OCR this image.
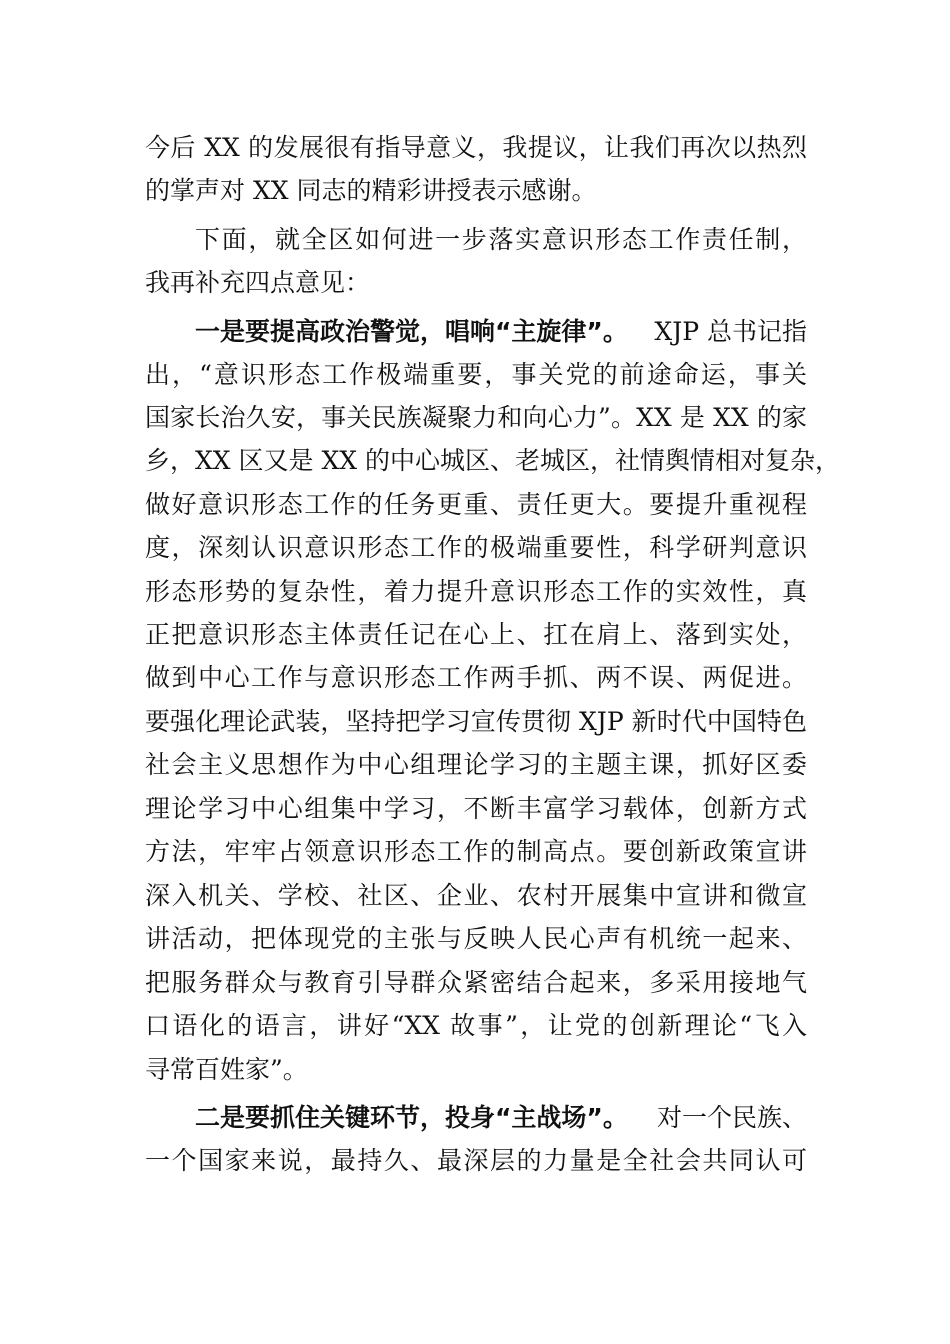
今后 XX 的发展很有指导意义，我提议，让我们再次以热烈
的掌声对 XX 同志的精彩讲授表示感谢。
下面，就全区如何进一步落实意识形态工作责任制，
我再补充四点意见：
一是要提高政治警觉，唱响“主旋律”。 XJP 总书记指
出，“意识形态工作极端重要，事关党的前途命运，事关
国家长治久安，事关民族凝聚力和向心力”。XX 是 XX 的家
乡，XX 区又是 XX 的中心城区、老城区，社情舆情相对复杂，
做好意识形态工作的任务更重、责任更大。要提升重视程
度，深刻认识意识形态工作的极端重要性，科学研判意识
形态形势的复杂性，着力提升意识形态工作的实效性，真
正把意识形态主体责任记在心上、扛在肩上、落到实处，
做到中心工作与意识形态工作两手抓、两不误、两促进。
要强化理论武装，坚持把学习宣传贯彻 XJP 新时代中国特色
社会主义思想作为中心组理论学习的主题主课，抓好区委
理论学习中心组集中学习，不断丰富学习载体，创新方式
方法，牢牢占领意识形态工作的制高点。要创新政策宣讲
深入机关、学校、社区、企业、农村开展集中宣讲和微宣
讲活动，把体现党的主张与反映人民心声有机统一起来、
把服务群众与教育引导群众紧密结合起来，多采用接地气
口语化的语言，讲好“XX 故事”，让党的创新理论“飞入
寻常百姓家”。
二是要抓住关键环节，投身“主战场”。 对一个民族、
一个国家来说，最持久、最深层的力量是全社会共同认可
